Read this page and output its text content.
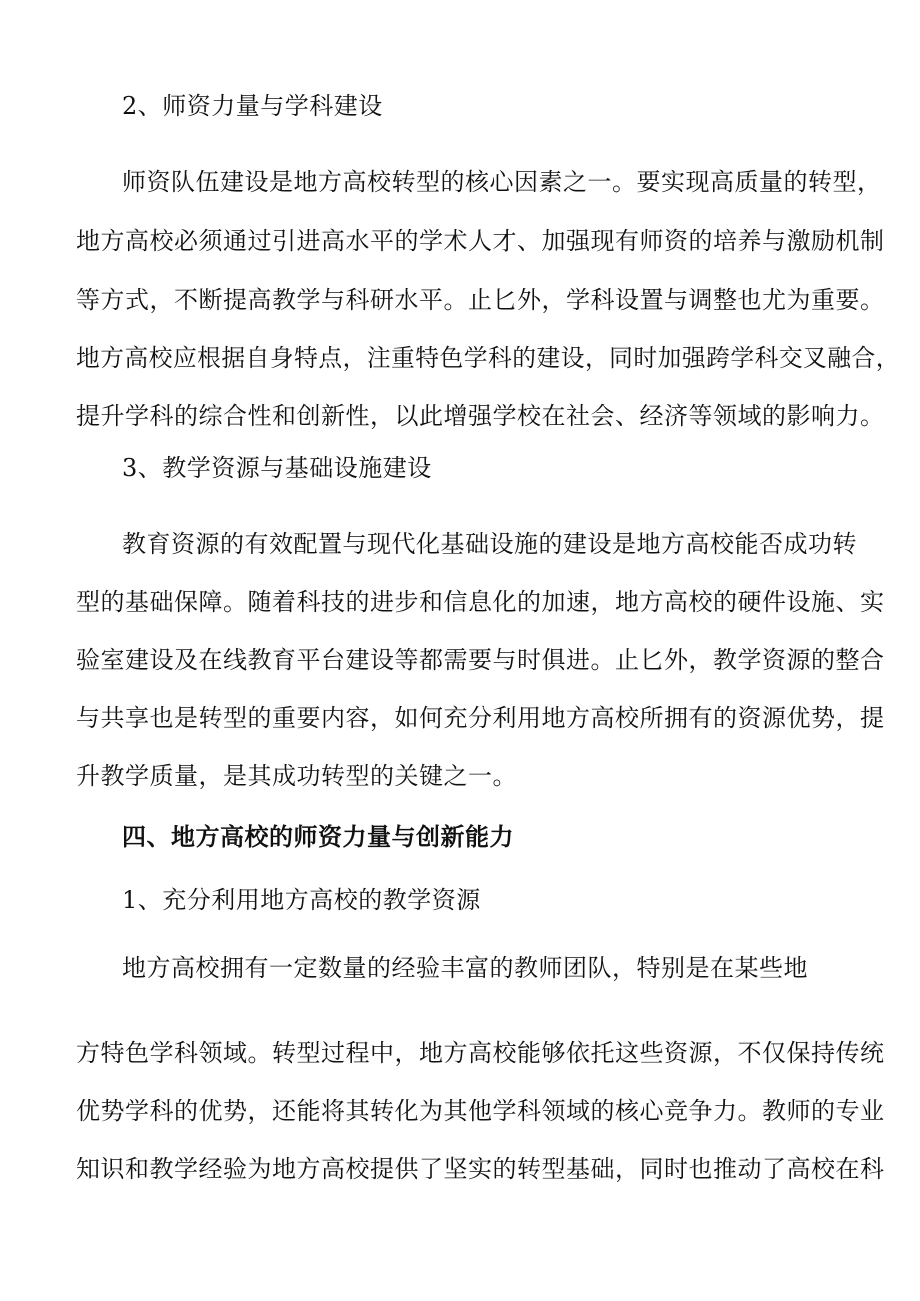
2、师资力量与学科建设
师资队伍建设是地方高校转型的核心因素之一。要实现高质量的转型，
地方高校必须通过引进高水平的学术人才、加强现有师资的培养与激励机制
等方式，不断提高教学与科研水平。止匕外，学科设置与调整也尤为重要。
地方高校应根据自身特点，注重特色学科的建设，同时加强跨学科交叉融合，
提升学科的综合性和创新性，以此增强学校在社会、经济等领域的影响力。
3、教学资源与基础设施建设
教育资源的有效配置与现代化基础设施的建设是地方高校能否成功转
型的基础保障。随着科技的进步和信息化的加速，地方高校的硬件设施、实
验室建设及在线教育平台建设等都需要与时俱进。止匕外，教学资源的整合
与共享也是转型的重要内容，如何充分利用地方高校所拥有的资源优势，提
升教学质量，是其成功转型的关键之一。
四、地方高校的师资力量与创新能力
1、充分利用地方高校的教学资源
地方高校拥有一定数量的经验丰富的教师团队，特别是在某些地
方特色学科领域。转型过程中，地方高校能够依托这些资源，不仅保持传统
优势学科的优势，还能将其转化为其他学科领域的核心竞争力。教师的专业
知识和教学经验为地方高校提供了坚实的转型基础，同时也推动了高校在科
